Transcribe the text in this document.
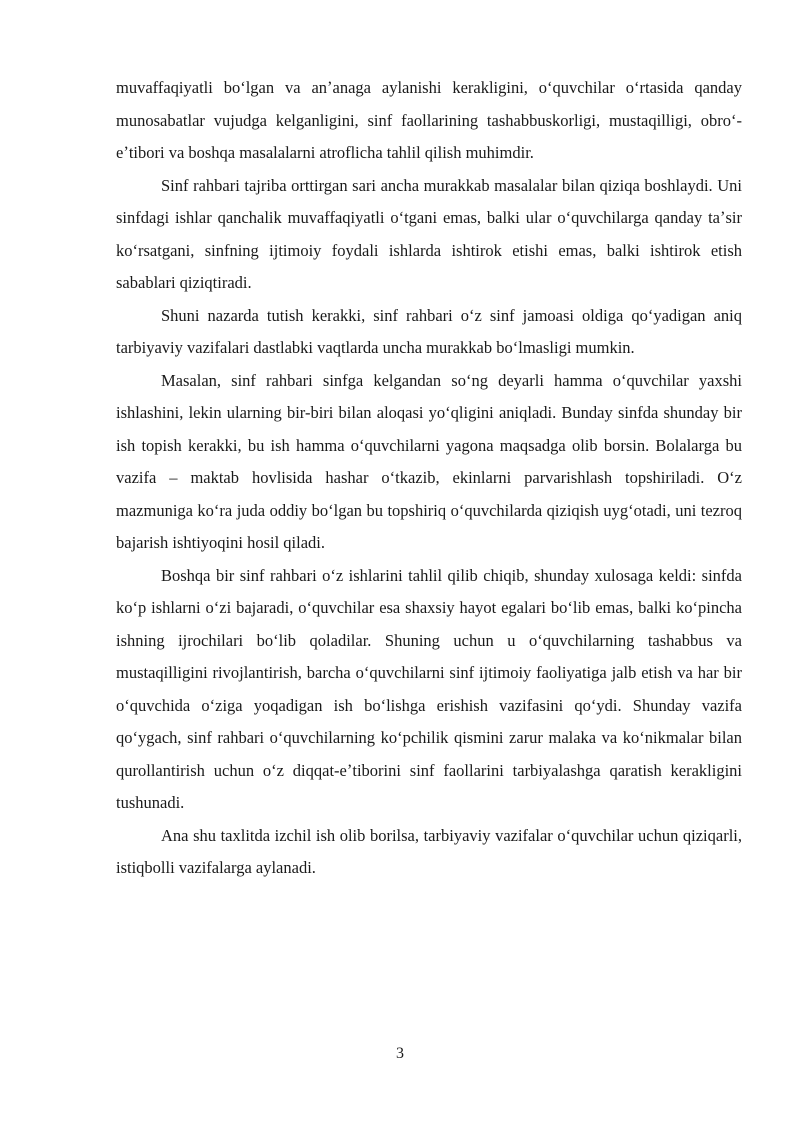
muvaffaqiyatli boʻlgan va anʼanaga aylanishi kerakligini, oʻquvchilar oʻrtasida qanday munosabatlar vujudga kelganligini, sinf faollarining tashabbuskorligi, mustaqilligi, obroʻ-eʼtibori va boshqa masalalarni atroflicha tahlil qilish muhimdir.

Sinf rahbari tajriba orttirgan sari ancha murakkab masalalar bilan qiziqa boshlaydi. Uni sinfdagi ishlar qanchalik muvaffaqiyatli oʻtgani emas, balki ular oʻquvchilarga qanday taʼsir koʻrsatgani, sinfning ijtimoiy foydali ishlarda ishtirok etishi emas, balki ishtirok etish sabablari qiziqtiradi.

Shuni nazarda tutish kerakki, sinf rahbari oʻz sinf jamoasi oldiga qoʻyadigan aniq tarbiyaviy vazifalari dastlabki vaqtlarda uncha murakkab boʻlmasligi mumkin.

Masalan, sinf rahbari sinfga kelgandan soʻng deyarli hamma oʻquvchilar yaxshi ishlashini, lekin ularning bir-biri bilan aloqasi yoʻqligini aniqladi. Bunday sinfda shunday bir ish topish kerakki, bu ish hamma oʻquvchilarni yagona maqsadga olib borsin. Bolalarga bu vazifa – maktab hovlisida hashar oʻtkazib, ekinlarni parvarishlash topshiriladi. Oʻz mazmuniga koʻra juda oddiy boʻlgan bu topshiriq oʻquvchilarda qiziqish uygʻotadi, uni tezroq bajarish ishtiyoqini hosil qiladi.

Boshqa bir sinf rahbari oʻz ishlarini tahlil qilib chiqib, shunday xulosaga keldi: sinfda koʻp ishlarni oʻzi bajaradi, oʻquvchilar esa shaxsiy hayot egalari boʻlib emas, balki koʻpincha ishning ijrochilari boʻlib qoladilar. Shuning uchun u oʻquvchilarning tashabbus va mustaqilligini rivojlantirish, barcha oʻquvchilarni sinf ijtimoiy faoliyatiga jalb etish va har bir oʻquvchida oʻziga yoqadigan ish boʻlishga erishish vazifasini qoʻydi. Shunday vazifa qoʻygach, sinf rahbari oʻquvchilarning koʻpchilik qismini zarur malaka va koʻnikmalar bilan qurollantirish uchun oʻz diqqat-eʼtiborini sinf faollarini tarbiyalashga qaratish kerakligini tushunadi.

Ana shu taxlitda izchil ish olib borilsa, tarbiyaviy vazifalar oʻquvchilar uchun qiziqarli, istiqbolli vazifalarga aylanadi.

3
